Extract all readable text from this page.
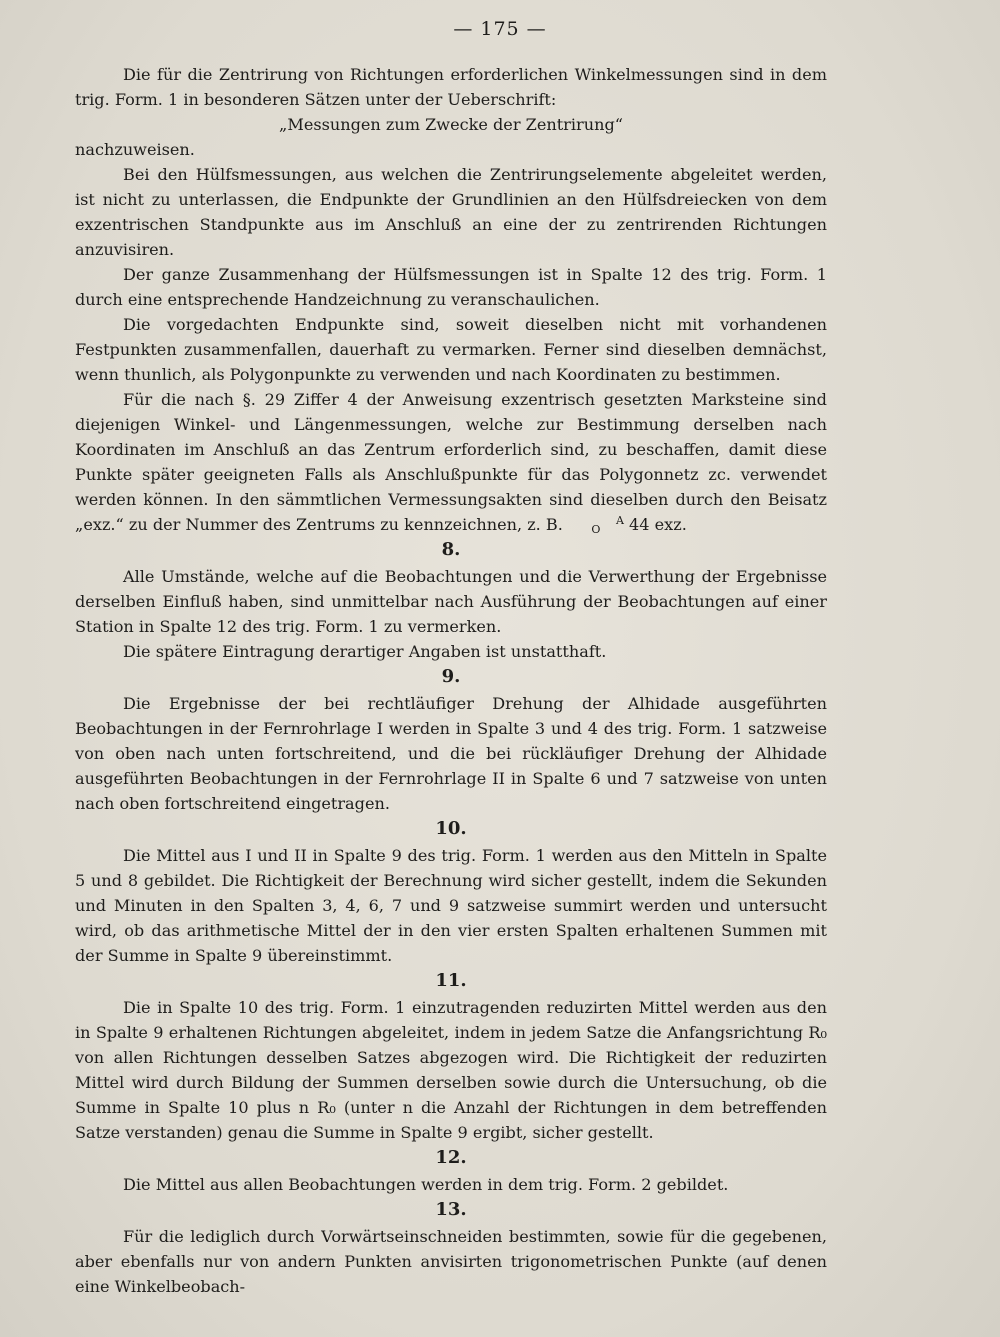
— 175 —

Die für die Zentrirung von Richtungen erforderlichen Winkelmessungen sind in dem trig. Form. 1 in besonderen Sätzen unter der Ueberschrift:

„Messungen zum Zwecke der Zentrirung“

nachzuweisen.

Bei den Hülfsmessungen, aus welchen die Zentrirungselemente abgeleitet werden, ist nicht zu unterlassen, die Endpunkte der Grundlinien an den Hülfsdreiecken von dem exzentrischen Standpunkte aus im Anschluß an eine der zu zentrirenden Richtungen anzuvisiren.

Der ganze Zusammenhang der Hülfsmessungen ist in Spalte 12 des trig. Form. 1 durch eine entsprechende Handzeichnung zu veranschaulichen.

Die vorgedachten Endpunkte sind, soweit dieselben nicht mit vorhandenen Festpunkten zusammenfallen, dauerhaft zu vermarken. Ferner sind dieselben demnächst, wenn thunlich, als Polygonpunkte zu verwenden und nach Koordinaten zu bestimmen.

Für die nach §. 29 Ziffer 4 der Anweisung exzentrisch gesetzten Marksteine sind diejenigen Winkel- und Längenmessungen, welche zur Bestimmung derselben nach Koordinaten im Anschluß an das Zentrum erforderlich sind, zu beschaffen, damit diese Punkte später geeigneten Falls als Anschlußpunkte für das Polygonnetz zc. verwendet werden können. In den sämmtlichen Vermessungsakten sind dieselben durch den Beisatz „exz.“ zu der Nummer des Zentrums zu kennzeichnen, z. B.	A
O 44 exz.

8.

Alle Umstände, welche auf die Beobachtungen und die Verwerthung der Ergebnisse derselben Einfluß haben, sind unmittelbar nach Ausführung der Beobachtungen auf einer Station in Spalte 12 des trig. Form. 1 zu vermerken.

Die spätere Eintragung derartiger Angaben ist unstatthaft.

9.

Die Ergebnisse der bei rechtläufiger Drehung der Alhidade ausgeführten Beobachtungen in der Fernrohrlage I werden in Spalte 3 und 4 des trig. Form. 1 satzweise von oben nach unten fortschreitend, und die bei rückläufiger Drehung der Alhidade ausgeführten Beobachtungen in der Fernrohrlage II in Spalte 6 und 7 satzweise von unten nach oben fortschreitend eingetragen.

10.

Die Mittel aus I und II in Spalte 9 des trig. Form. 1 werden aus den Mitteln in Spalte 5 und 8 gebildet. Die Richtigkeit der Berechnung wird sicher gestellt, indem die Sekunden und Minuten in den Spalten 3, 4, 6, 7 und 9 satzweise summirt werden und untersucht wird, ob das arithmetische Mittel der in den vier ersten Spalten erhaltenen Summen mit der Summe in Spalte 9 übereinstimmt.

11.

Die in Spalte 10 des trig. Form. 1 einzutragenden reduzirten Mittel werden aus den in Spalte 9 erhaltenen Richtungen abgeleitet, indem in jedem Satze die Anfangsrichtung R₀ von allen Richtungen desselben Satzes abgezogen wird. Die Richtigkeit der reduzirten Mittel wird durch Bildung der Summen derselben sowie durch die Untersuchung, ob die Summe in Spalte 10 plus n R₀ (unter n die Anzahl der Richtungen in dem betreffenden Satze verstanden) genau die Summe in Spalte 9 ergibt, sicher gestellt.

12.

Die Mittel aus allen Beobachtungen werden in dem trig. Form. 2 gebildet.

13.

Für die lediglich durch Vorwärtseinschneiden bestimmten, sowie für die gegebenen, aber ebenfalls nur von andern Punkten anvisirten trigonometrischen Punkte (auf denen eine Winkelbeobach-
